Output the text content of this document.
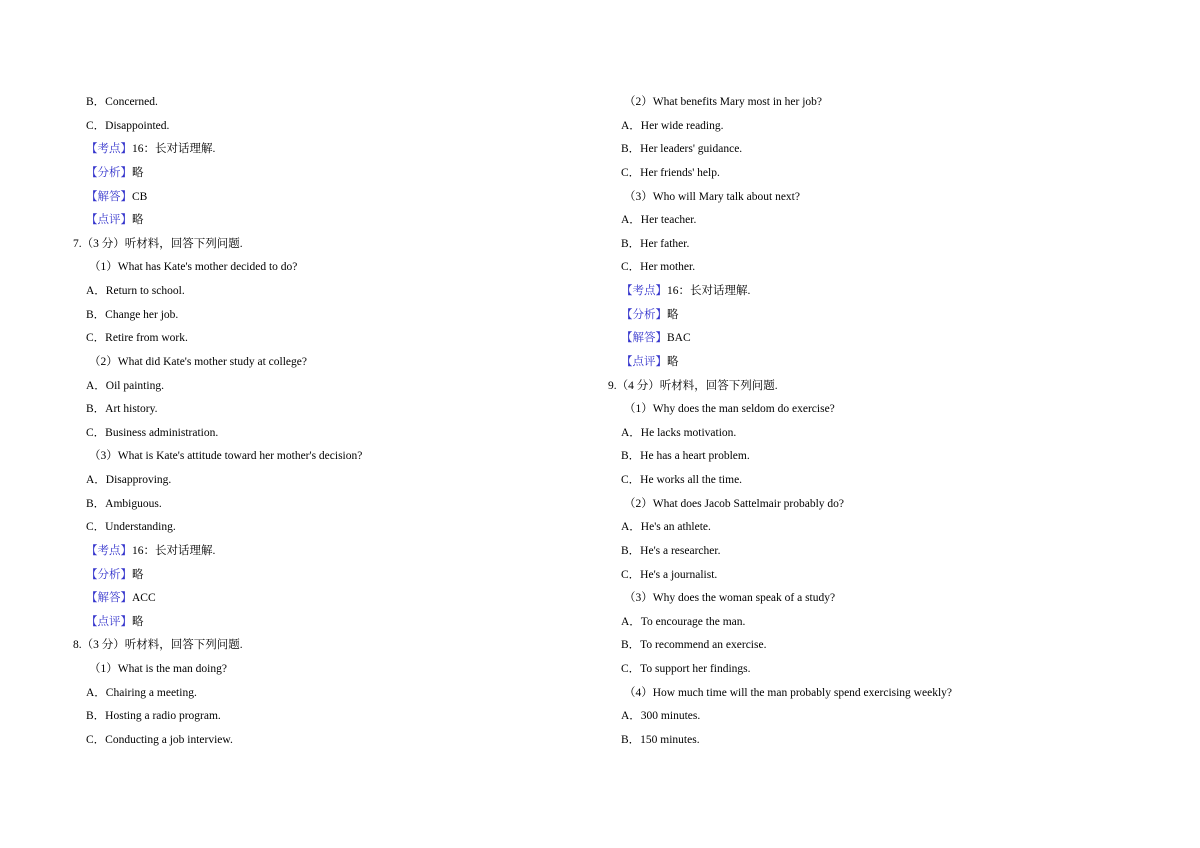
B．Concerned.
C．Disappointed.
【考点】16：长对话理解.
【分析】略
【解答】CB
【点评】略
7.（3 分）听材料，回答下列问题.
（1）What has Kate's mother decided to do?
A．Return to school.
B．Change her job.
C．Retire from work.
（2）What did Kate's mother study at college?
A．Oil painting.
B．Art history.
C．Business administration.
（3）What is Kate's attitude toward her mother's decision?
A．Disapproving.
B．Ambiguous.
C．Understanding.
【考点】16：长对话理解.
【分析】略
【解答】ACC
【点评】略
8.（3 分）听材料，回答下列问题.
（1）What is the man doing?
A．Chairing a meeting.
B．Hosting a radio program.
C．Conducting a job interview.
（2）What benefits Mary most in her job?
A．Her wide reading.
B．Her leaders' guidance.
C．Her friends' help.
（3）Who will Mary talk about next?
A．Her teacher.
B．Her father.
C．Her mother.
【考点】16：长对话理解.
【分析】略
【解答】BAC
【点评】略
9.（4 分）听材料，回答下列问题.
（1）Why does the man seldom do exercise?
A．He lacks motivation.
B．He has a heart problem.
C．He works all the time.
（2）What does Jacob Sattelmair probably do?
A．He's an athlete.
B．He's a researcher.
C．He's a journalist.
（3）Why does the woman speak of a study?
A．To encourage the man.
B．To recommend an exercise.
C．To support her findings.
（4）How much time will the man probably spend exercising weekly?
A．300 minutes.
B．150 minutes.
